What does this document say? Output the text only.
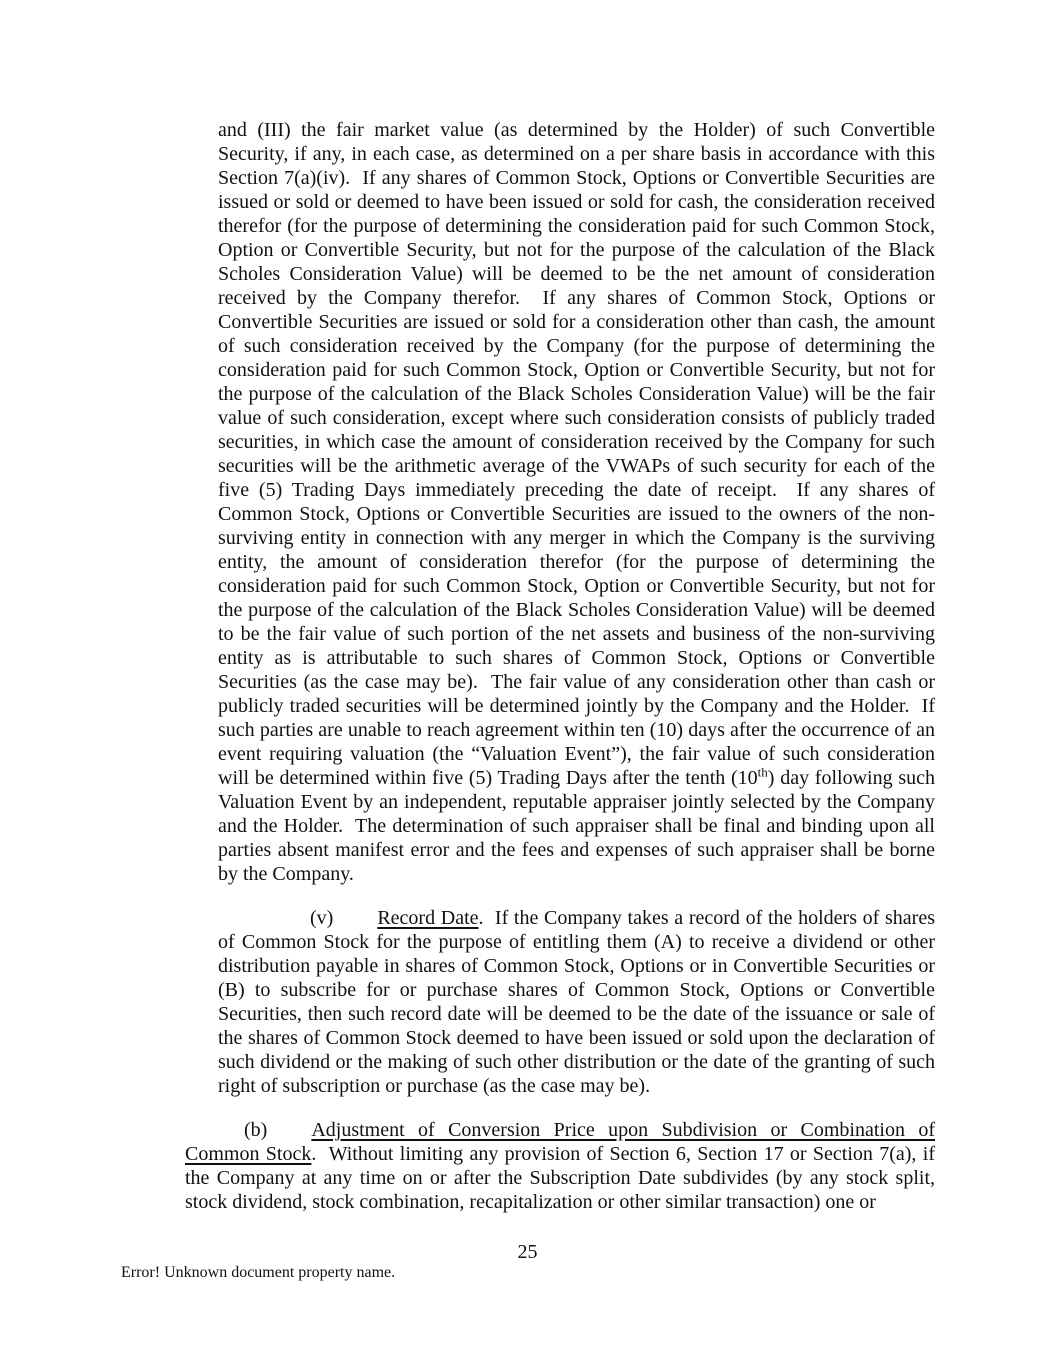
and (III) the fair market value (as determined by the Holder) of such Convertible Security, if any, in each case, as determined on a per share basis in accordance with this Section 7(a)(iv).  If any shares of Common Stock, Options or Convertible Securities are issued or sold or deemed to have been issued or sold for cash, the consideration received therefor (for the purpose of determining the consideration paid for such Common Stock, Option or Convertible Security, but not for the purpose of the calculation of the Black Scholes Consideration Value) will be deemed to be the net amount of consideration received by the Company therefor.  If any shares of Common Stock, Options or Convertible Securities are issued or sold for a consideration other than cash, the amount of such consideration received by the Company (for the purpose of determining the consideration paid for such Common Stock, Option or Convertible Security, but not for the purpose of the calculation of the Black Scholes Consideration Value) will be the fair value of such consideration, except where such consideration consists of publicly traded securities, in which case the amount of consideration received by the Company for such securities will be the arithmetic average of the VWAPs of such security for each of the five (5) Trading Days immediately preceding the date of receipt.  If any shares of Common Stock, Options or Convertible Securities are issued to the owners of the non-surviving entity in connection with any merger in which the Company is the surviving entity, the amount of consideration therefor (for the purpose of determining the consideration paid for such Common Stock, Option or Convertible Security, but not for the purpose of the calculation of the Black Scholes Consideration Value) will be deemed to be the fair value of such portion of the net assets and business of the non-surviving entity as is attributable to such shares of Common Stock, Options or Convertible Securities (as the case may be).  The fair value of any consideration other than cash or publicly traded securities will be determined jointly by the Company and the Holder.  If such parties are unable to reach agreement within ten (10) days after the occurrence of an event requiring valuation (the “Valuation Event”), the fair value of such consideration will be determined within five (5) Trading Days after the tenth (10th) day following such Valuation Event by an independent, reputable appraiser jointly selected by the Company and the Holder.  The determination of such appraiser shall be final and binding upon all parties absent manifest error and the fees and expenses of such appraiser shall be borne by the Company.

(v) Record Date.  If the Company takes a record of the holders of shares of Common Stock for the purpose of entitling them (A) to receive a dividend or other distribution payable in shares of Common Stock, Options or in Convertible Securities or (B) to subscribe for or purchase shares of Common Stock, Options or Convertible Securities, then such record date will be deemed to be the date of the issuance or sale of the shares of Common Stock deemed to have been issued or sold upon the declaration of such dividend or the making of such other distribution or the date of the granting of such right of subscription or purchase (as the case may be).

(b) Adjustment of Conversion Price upon Subdivision or Combination of Common Stock.  Without limiting any provision of Section 6, Section 17 or Section 7(a), if the Company at any time on or after the Subscription Date subdivides (by any stock split, stock dividend, stock combination, recapitalization or other similar transaction) one or

25
Error! Unknown document property name.
